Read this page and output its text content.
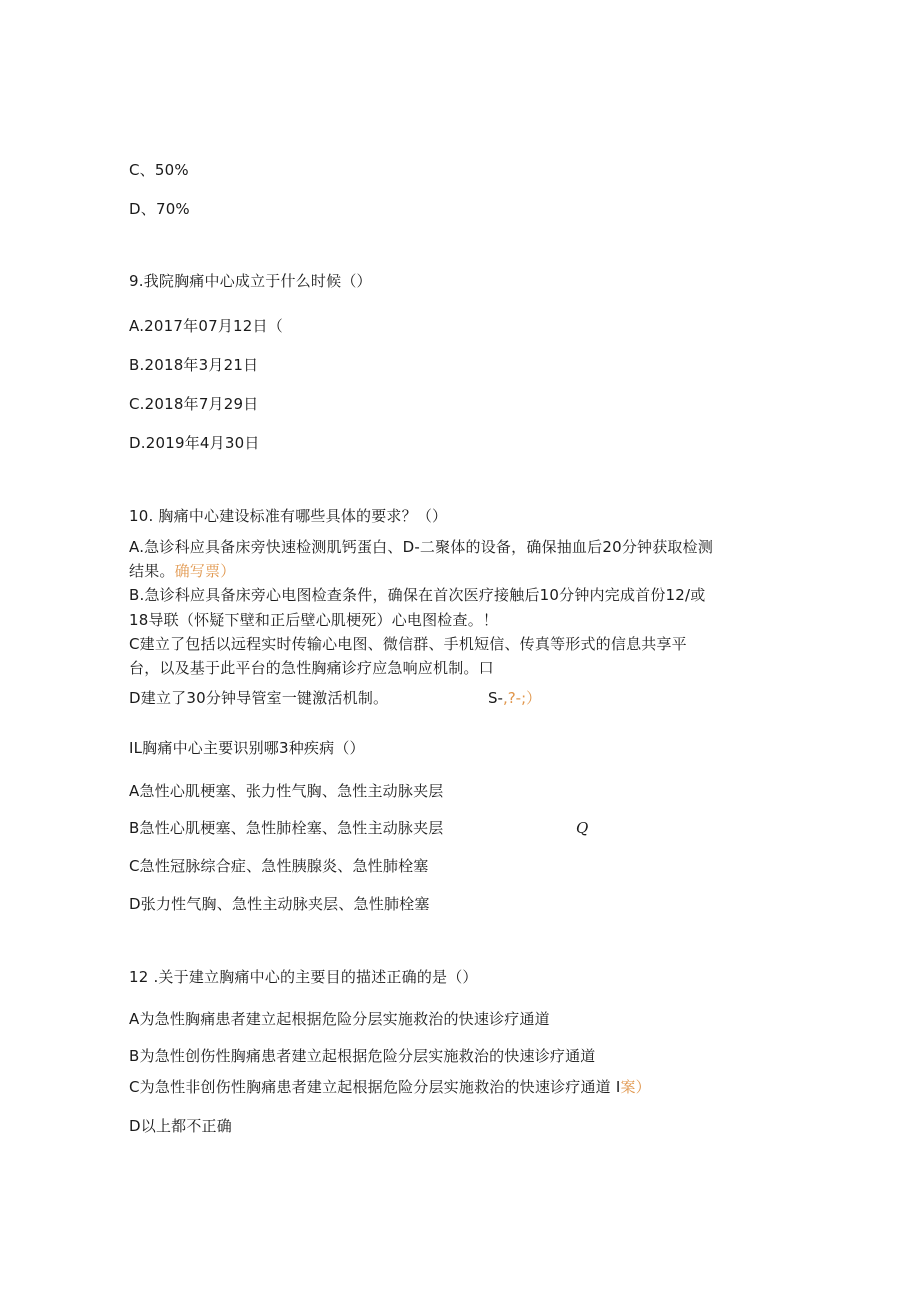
C、50%
D、70%
9.我院胸痛中心成立于什么时候（）
A.2017年07月12日（
B.2018年3月21日
C.2018年7月29日
D.2019年4月30日
10. 胸痛中心建设标准有哪些具体的要求？（）
A.急诊科应具备床旁快速检测肌钙蛋白、D-二聚体的设备，确保抽血后20分钟获取检测
结果。确写票）
B.急诊科应具备床旁心电图检查条件，确保在首次医疗接触后10分钟内完成首份12/或
18导联（怀疑下壁和正后壁心肌梗死）心电图检查。！
C建立了包括以远程实时传输心电图、微信群、手机短信、传真等形式的信息共享平
台，以及基于此平台的急性胸痛诊疗应急响应机制。口
D建立了30分钟导管室一键激活机制。	S-,?-;）
IL胸痛中心主要识别哪3种疾病（）
A急性心肌梗塞、张力性气胸、急性主动脉夹层
B急性心肌梗塞、急性肺栓塞、急性主动脉夹层	Q
C急性冠脉综合症、急性胰腺炎、急性肺栓塞
D张力性气胸、急性主动脉夹层、急性肺栓塞
12 .关于建立胸痛中心的主要目的描述正确的是（）
A为急性胸痛患者建立起根据危险分层实施救治的快速诊疗通道
B为急性创伤性胸痛患者建立起根据危险分层实施救治的快速诊疗通道
C为急性非创伤性胸痛患者建立起根据危险分层实施救治的快速诊疗通道 I案）
D以上都不正确
